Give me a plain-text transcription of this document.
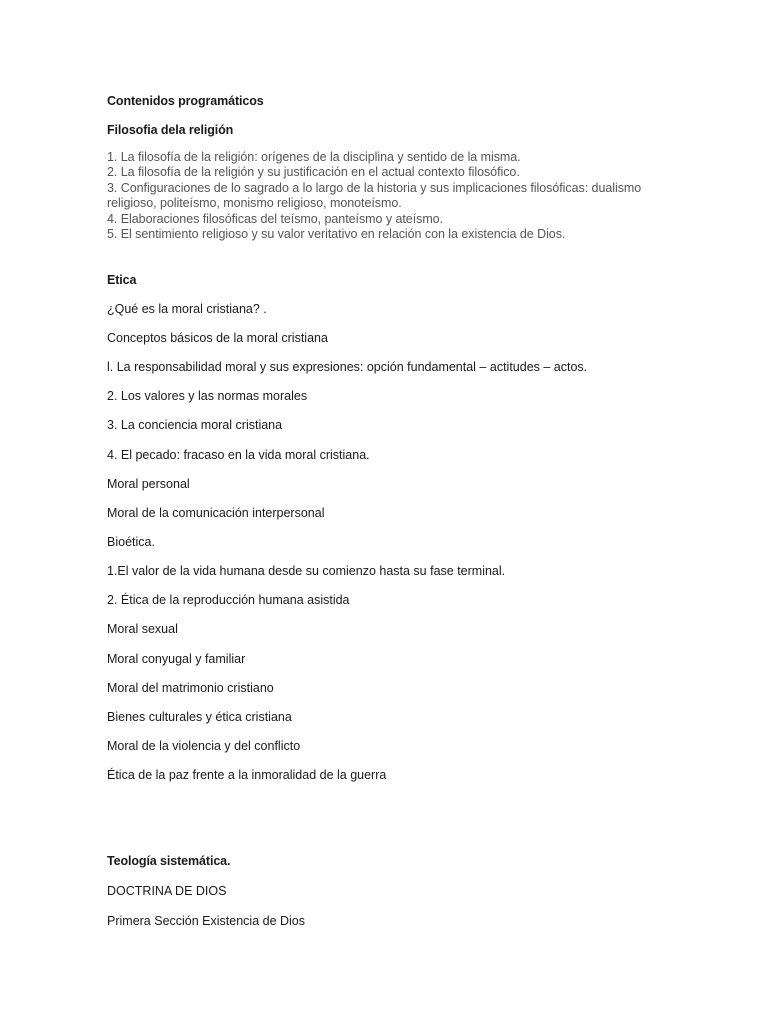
Contenidos programáticos
Filosofia dela religión
1. La filosofía de la religión: orígenes de la disciplina y sentido de la misma.
2. La filosofía de la religión y su justificación en el actual contexto filosófico.
3. Configuraciones de lo sagrado a lo largo de la historia y sus implicaciones filosóficas: dualismo
religioso, politeísmo, monismo religioso, monoteísmo.
4. Elaboraciones filosóficas del teísmo, panteísmo y ateísmo.
5. El sentimiento religioso y su valor veritativo en relación con la existencia de Dios.
Etica
¿Qué es la moral cristiana? .
Conceptos básicos de la moral cristiana
l. La responsabilidad moral y sus expresiones: opción fundamental – actitudes – actos.
2. Los valores y las normas morales
3. La conciencia moral cristiana
4. El pecado: fracaso en la vida moral cristiana.
Moral personal
Moral de la comunicación interpersonal
Bioética.
1.El valor de la vida humana desde su comienzo hasta su fase terminal.
2. Ética de la reproducción humana asistida
Moral sexual
Moral conyugal y familiar
Moral del matrimonio cristiano
Bienes culturales y ética cristiana
Moral de la violencia y del conflicto
Ética de la paz frente a la inmoralidad de la guerra
Teología sistemática.
DOCTRINA DE DIOS
Primera Sección Existencia de Dios
